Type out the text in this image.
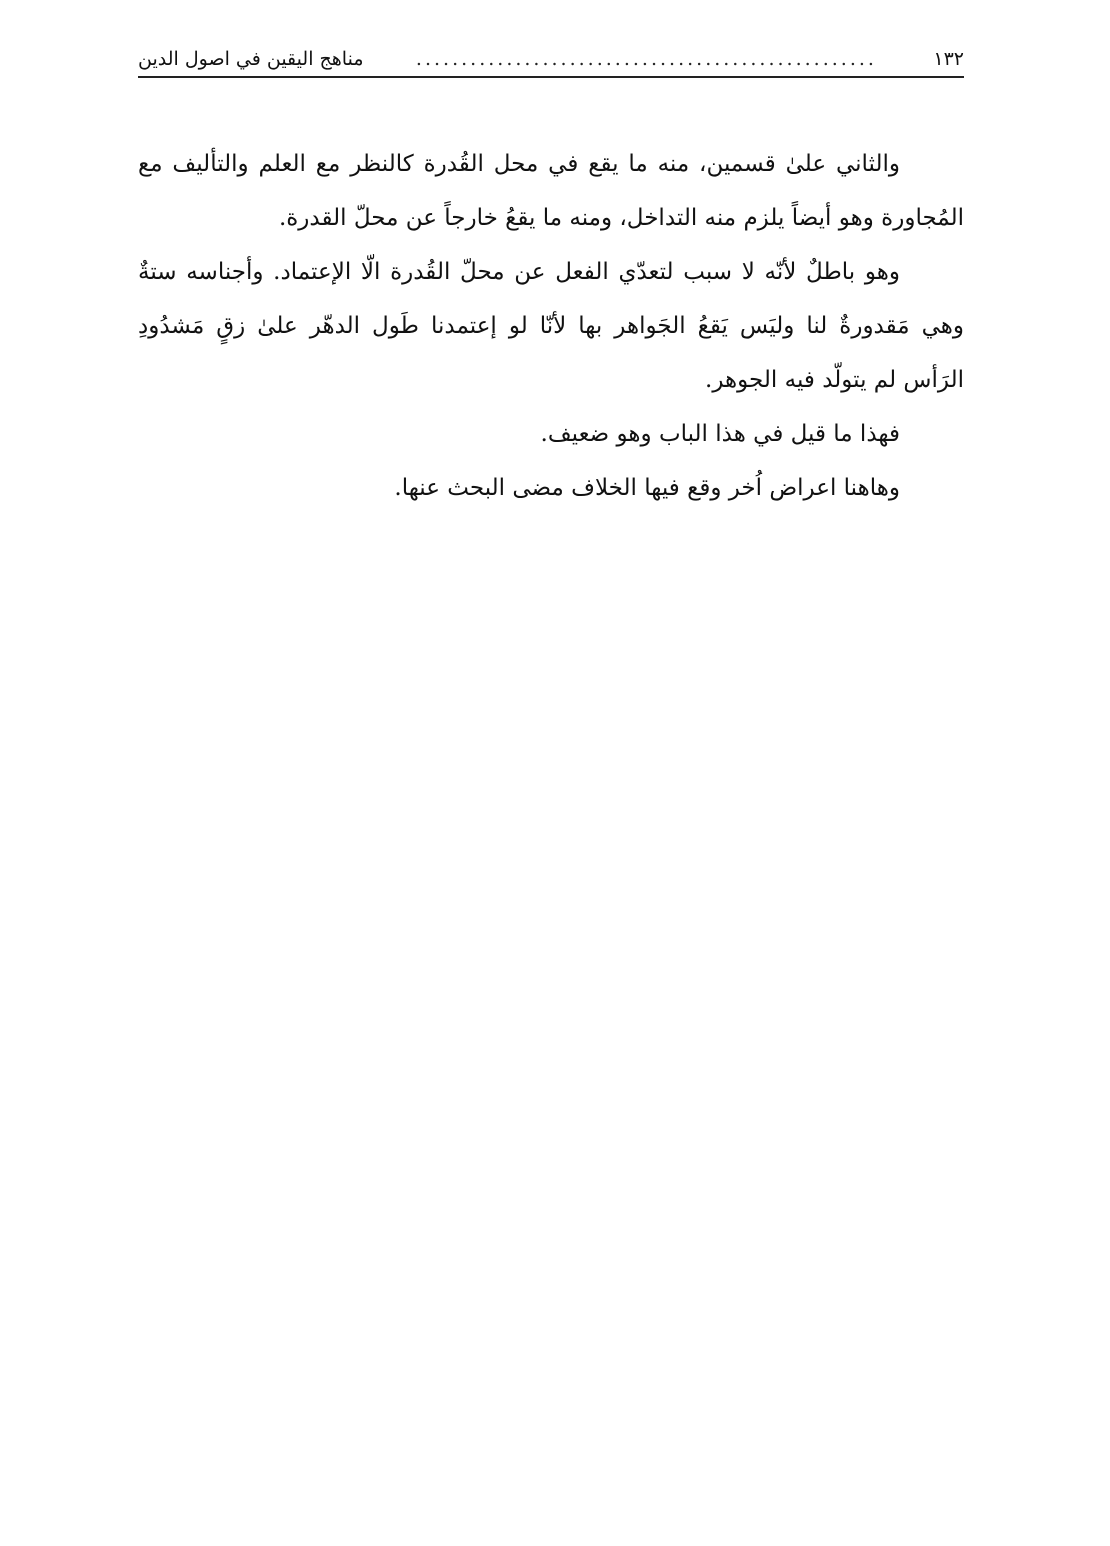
١٣٢
...................................................
مناهج اليقين في اصول الدين

والثاني علىٰ قسمين، منه ما يقع في محل القُدرة كالنظر مع العلم والتأليف مع المُجاورة وهو أيضاً يلزم منه التداخل، ومنه ما يقعُ خارجاً عن محلّ القدرة.

وهو باطلٌ لأنّه لا سبب لتعدّي الفعل عن محلّ القُدرة الّا الإعتماد. وأجناسه ستةٌ وهي مَقدورةٌ لنا وليَس يَقعُ الجَواهر بها لأنّا لو إعتمدنا طَول الدهّر علىٰ زقٍ مَشدُودِ الرَأس لم يتولّد فيه الجوهر.

فهذا ما قيل في هذا الباب وهو ضعيف.

وهاهنا اعراض اُخر وقع فيها الخلاف مضى البحث عنها.
